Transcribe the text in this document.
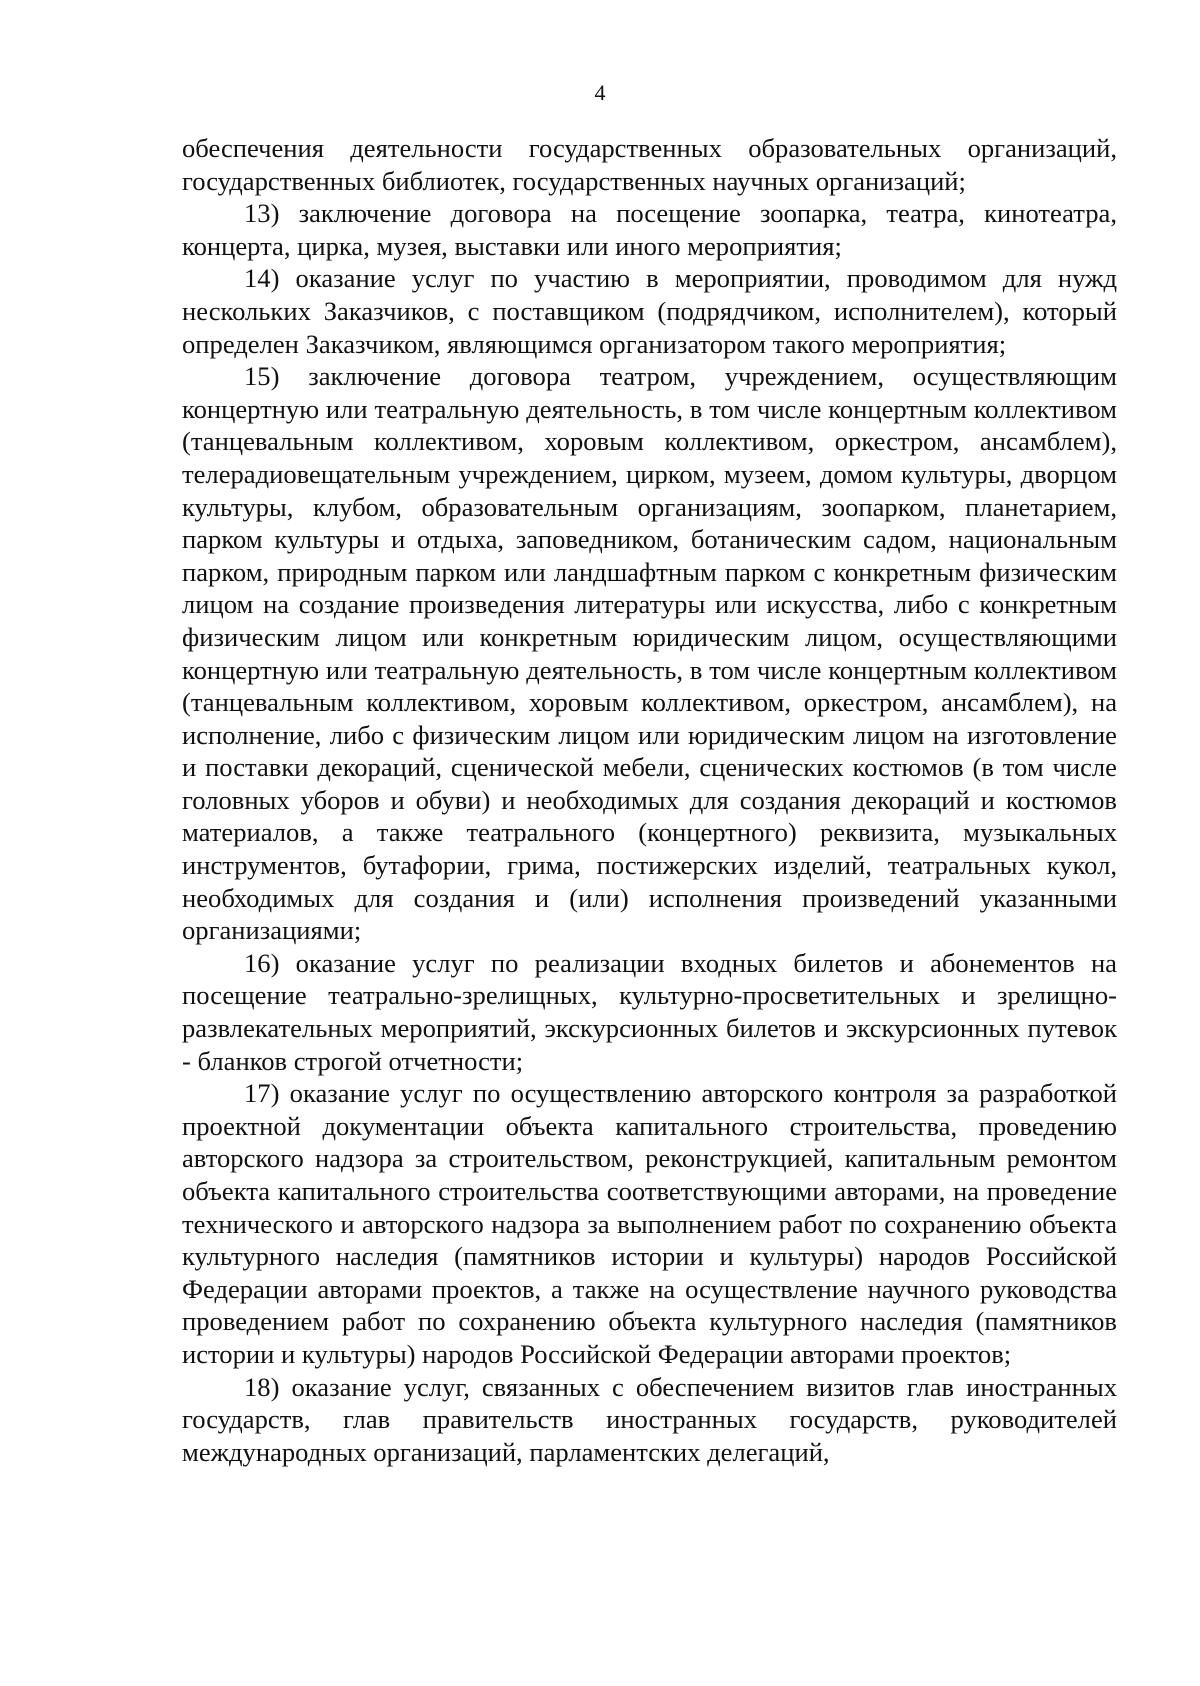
4

обеспечения деятельности государственных образовательных организаций, государственных библиотек, государственных научных организаций;

13) заключение договора на посещение зоопарка, театра, кинотеатра, концерта, цирка, музея, выставки или иного мероприятия;

14) оказание услуг по участию в мероприятии, проводимом для нужд нескольких Заказчиков, с поставщиком (подрядчиком, исполнителем), который определен Заказчиком, являющимся организатором такого мероприятия;

15) заключение договора театром, учреждением, осуществляющим концертную или театральную деятельность, в том числе концертным коллективом (танцевальным коллективом, хоровым коллективом, оркестром, ансамблем), телерадиовещательным учреждением, цирком, музеем, домом культуры, дворцом культуры, клубом, образовательным организациям, зоопарком, планетарием, парком культуры и отдыха, заповедником, ботаническим садом, национальным парком, природным парком или ландшафтным парком с конкретным физическим лицом на создание произведения литературы или искусства, либо с конкретным физическим лицом или конкретным юридическим лицом, осуществляющими концертную или театральную деятельность, в том числе концертным коллективом (танцевальным коллективом, хоровым коллективом, оркестром, ансамблем), на исполнение, либо с физическим лицом или юридическим лицом на изготовление и поставки декораций, сценической мебели, сценических костюмов (в том числе головных уборов и обуви) и необходимых для создания декораций и костюмов материалов, а также театрального (концертного) реквизита, музыкальных инструментов, бутафории, грима, постижерских изделий, театральных кукол, необходимых для создания и (или) исполнения произведений указанными организациями;

16) оказание услуг по реализации входных билетов и абонементов на посещение театрально-зрелищных, культурно-просветительных и зрелищно-развлекательных мероприятий, экскурсионных билетов и экскурсионных путевок - бланков строгой отчетности;

17) оказание услуг по осуществлению авторского контроля за разработкой проектной документации объекта капитального строительства, проведению авторского надзора за строительством, реконструкцией, капитальным ремонтом объекта капитального строительства соответствующими авторами, на проведение технического и авторского надзора за выполнением работ по сохранению объекта культурного наследия (памятников истории и культуры) народов Российской Федерации авторами проектов, а также на осуществление научного руководства проведением работ по сохранению объекта культурного наследия (памятников истории и культуры) народов Российской Федерации авторами проектов;

18) оказание услуг, связанных с обеспечением визитов глав иностранных государств, глав правительств иностранных государств, руководителей международных организаций, парламентских делегаций,
